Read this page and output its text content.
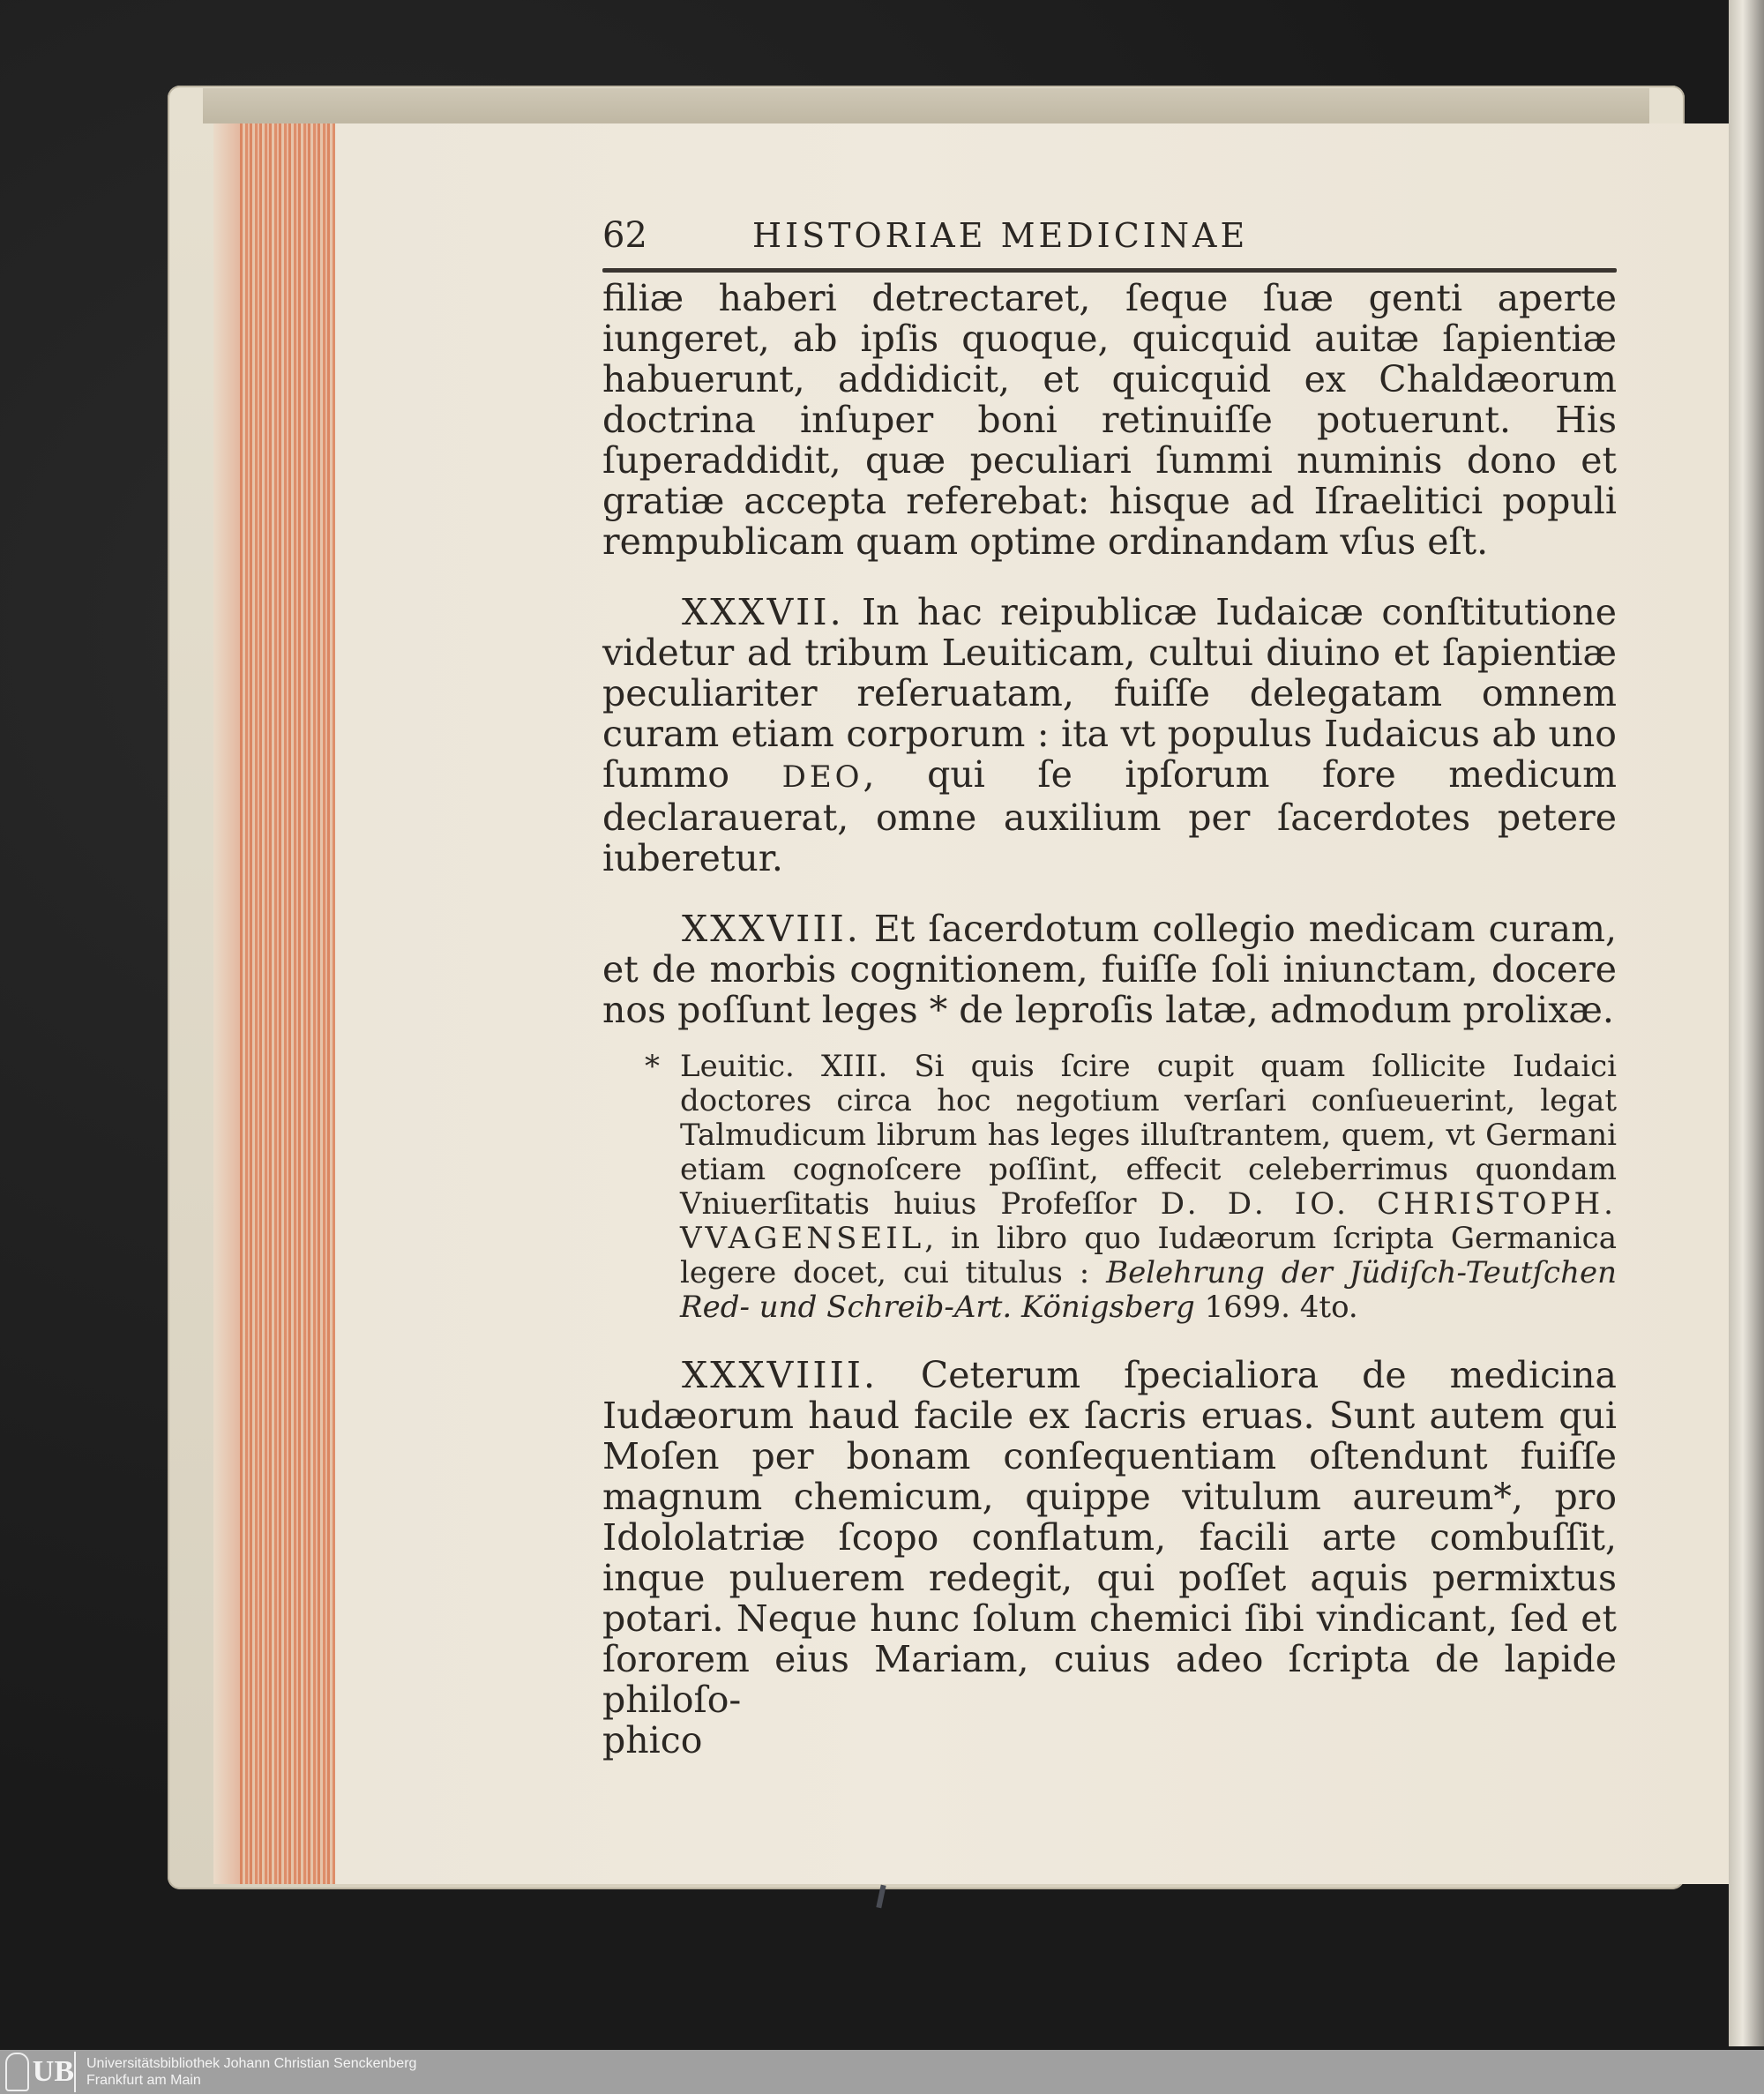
62	HISTORIAE MEDICINAE

filiæ haberi detrectaret, ſeque ſuæ genti aperte iungeret, ab ipſis quoque, quicquid auitæ ſapientiæ habuerunt, addidicit, et quicquid ex Chaldæorum doctrina inſuper boni retinuiſſe potuerunt. His ſuperaddidit, quæ peculiari ſummi numinis dono et gratiæ accepta referebat: hisque ad Iſraelitici populi rempublicam quam optime ordinandam vſus eſt.

XXXVII. In hac reipublicæ Iudaicæ conſtitutione videtur ad tribum Leuiticam, cultui diuino et ſapientiæ peculiariter reſeruatam, fuiſſe delegatam omnem curam etiam corporum : ita vt populus Iudaicus ab uno ſummo DEO, qui ſe ipſorum fore medicum declarauerat, omne auxilium per ſacerdotes petere iuberetur.

XXXVIII. Et ſacerdotum collegio medicam curam, et de morbis cognitionem, fuiſſe ſoli iniunctam, docere nos poſſunt leges * de leproſis latæ, admodum prolixæ.

* Leuitic. XIII. Si quis ſcire cupit quam ſollicite Iudaici doctores circa hoc negotium verſari conſueuerint, legat Talmudicum librum has leges illuſtrantem, quem, vt Germani etiam cognoſcere poſſint, effecit celeberrimus quondam Vniuerſitatis huius Profeſſor D. D. IO. CHRISTOPH. VVAGENSEIL, in libro quo Iudæorum ſcripta Germanica legere docet, cui titulus : Belehrung der Jüdiſch-Teutſchen Red- und Schreib-Art. Königsberg 1699. 4to.

XXXVIIII. Ceterum ſpecialiora de medicina Iudæorum haud facile ex ſacris eruas. Sunt autem qui Moſen per bonam conſequentiam oſtendunt fuiſſe magnum chemicum, quippe vitulum aureum*, pro Idololatriæ ſcopo conflatum, facili arte combuſſit, inque puluerem redegit, qui poſſet aquis permixtus potari. Neque hunc ſolum chemici ſibi vindicant, ſed et ſororem eius Mariam, cuius adeo ſcripta de lapide philoſo-

phico

UB Universitätsbibliothek Johann Christian Senckenberg
Frankfurt am Main
